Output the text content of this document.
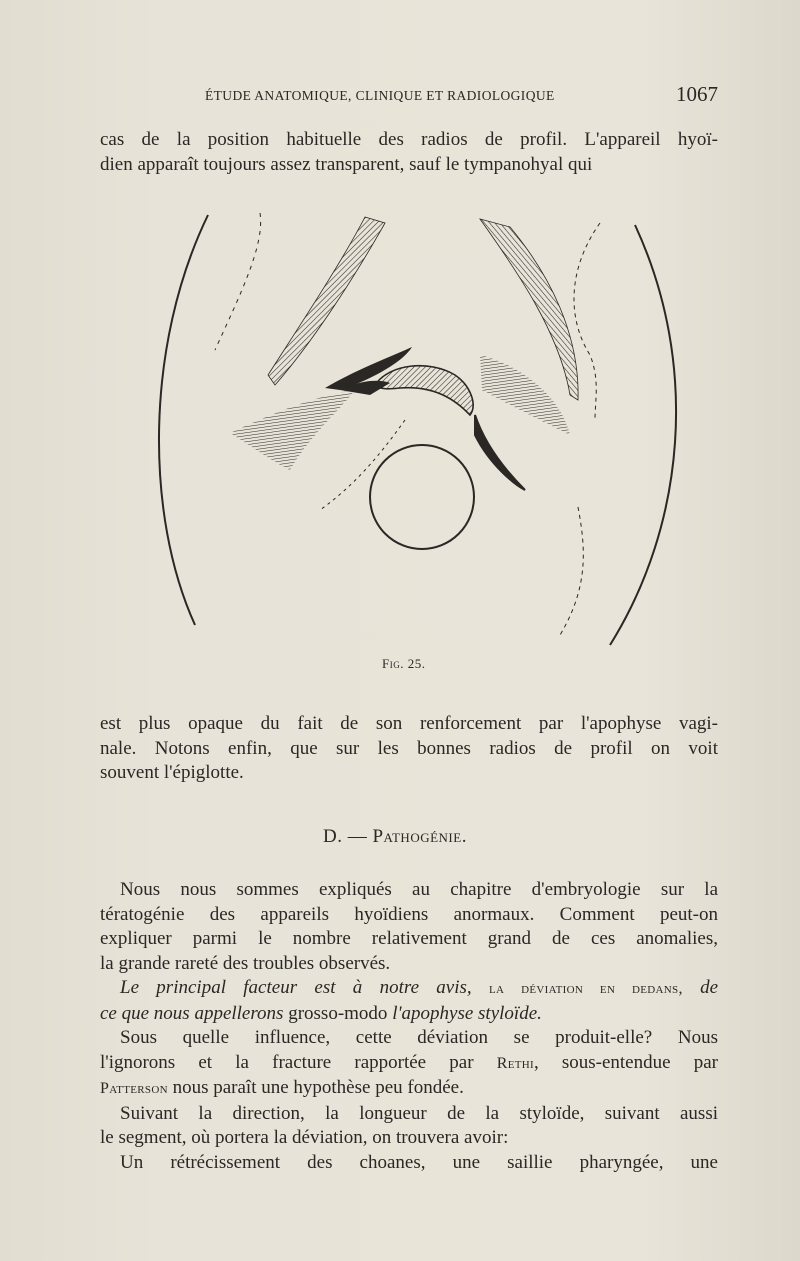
ÉTUDE ANATOMIQUE, CLINIQUE ET RADIOLOGIQUE	1067
cas de la position habituelle des radios de profil. L'appareil hyoï-
dien apparaît toujours assez transparent, sauf le tympanohyal qui
Fig. 25.
est plus opaque du fait de son renforcement par l'apophyse vagi-
nale. Notons enfin, que sur les bonnes radios de profil on voit
souvent l'épiglotte.
D. — Pathogénie.
Nous nous sommes expliqués au chapitre d'embryologie sur la
tératogénie des appareils hyoïdiens anormaux. Comment peut-on
expliquer parmi le nombre relativement grand de ces anomalies,
la grande rareté des troubles observés.
Le principal facteur est à notre avis, la déviation en dedans, de
ce que nous appellerons grosso-modo l'apophyse styloïde.
Sous quelle influence, cette déviation se produit-elle? Nous
l'ignorons et la fracture rapportée par Rethi, sous-entendue par
Patterson nous paraît une hypothèse peu fondée.
Suivant la direction, la longueur de la styloïde, suivant aussi
le segment, où portera la déviation, on trouvera avoir:
Un rétrécissement des choanes, une saillie pharyngée, une
